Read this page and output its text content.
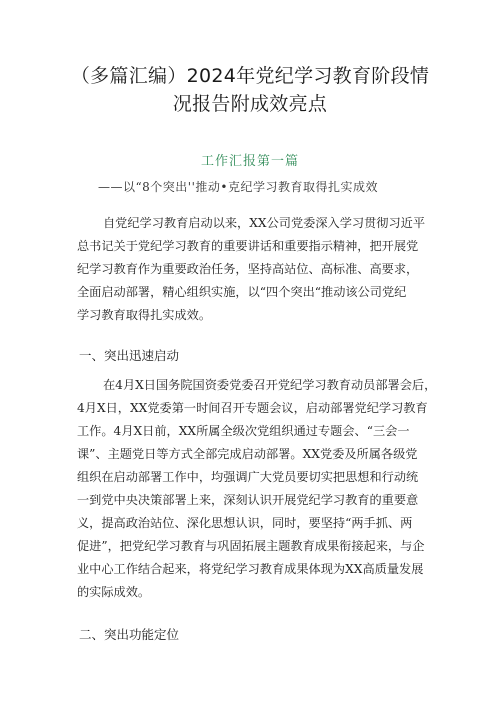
（多篇汇编）2024年党纪学习教育阶段情
况报告附成效亮点
工作汇报第一篇
——以“8个突出''推动•克纪学习教育取得扎实成效
自党纪学习教育启动以来，XX公司党委深入学习贯彻习近平
总书记关于党纪学习教育的重要讲话和重要指示精神，把开展党
纪学习教育作为重要政治任务，坚持高站位、高标准、高要求，
全面启动部署，精心组织实施，以“四个突出“推动该公司党纪
学习教育取得扎实成效。
一、突出迅速启动
在4月X日国务院国资委党委召开党纪学习教育动员部署会后，
4月X日，XX党委第一时间召开专题会议，启动部署党纪学习教育
工作。4月X日前，XX所属全级次党组织通过专题会、“三会一
课”、主题党日等方式全部完成启动部署。XX党委及所属各级党
组织在启动部署工作中，均强调广大党员要切实把思想和行动统
一到党中央决策部署上来，深刻认识开展党纪学习教育的重要意
义，提高政治站位、深化思想认识，同时，要坚持“两手抓、两
促进”，把党纪学习教育与巩固拓展主题教育成果衔接起来，与企
业中心工作结合起来，将党纪学习教育成果体现为XX高质量发展
的实际成效。
二、突出功能定位
